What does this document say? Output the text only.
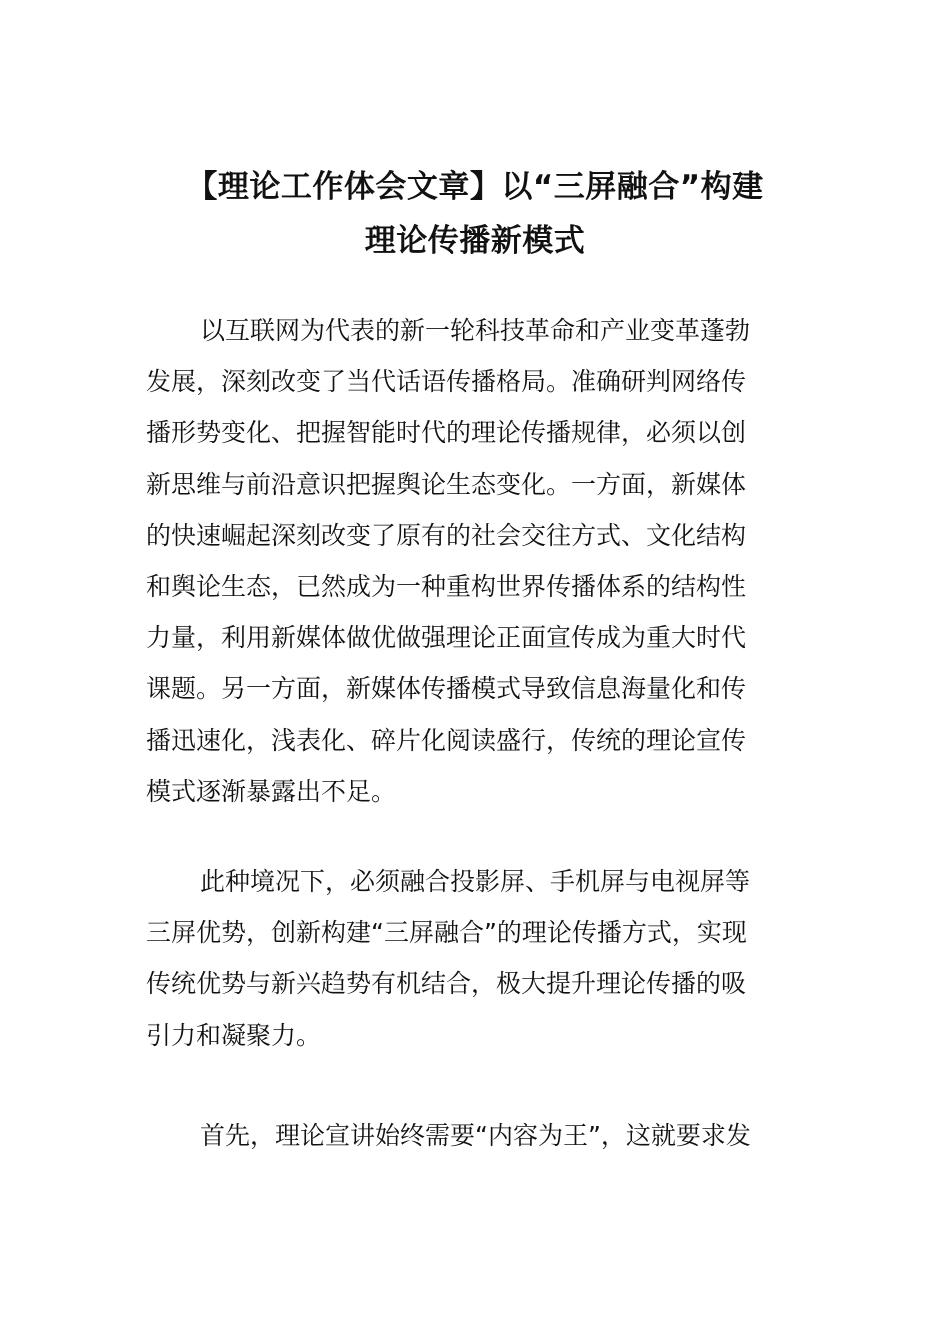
【理论工作体会文章】以“三屏融合”构建
理论传播新模式
以互联网为代表的新一轮科技革命和产业变革蓬勃
发展，深刻改变了当代话语传播格局。准确研判网络传
播形势变化、把握智能时代的理论传播规律，必须以创
新思维与前沿意识把握舆论生态变化。一方面，新媒体
的快速崛起深刻改变了原有的社会交往方式、文化结构
和舆论生态，已然成为一种重构世界传播体系的结构性
力量，利用新媒体做优做强理论正面宣传成为重大时代
课题。另一方面，新媒体传播模式导致信息海量化和传
播迅速化，浅表化、碎片化阅读盛行，传统的理论宣传
模式逐渐暴露出不足。
此种境况下，必须融合投影屏、手机屏与电视屏等
三屏优势，创新构建“三屏融合”的理论传播方式，实现
传统优势与新兴趋势有机结合，极大提升理论传播的吸
引力和凝聚力。
首先，理论宣讲始终需要“内容为王”，这就要求发
